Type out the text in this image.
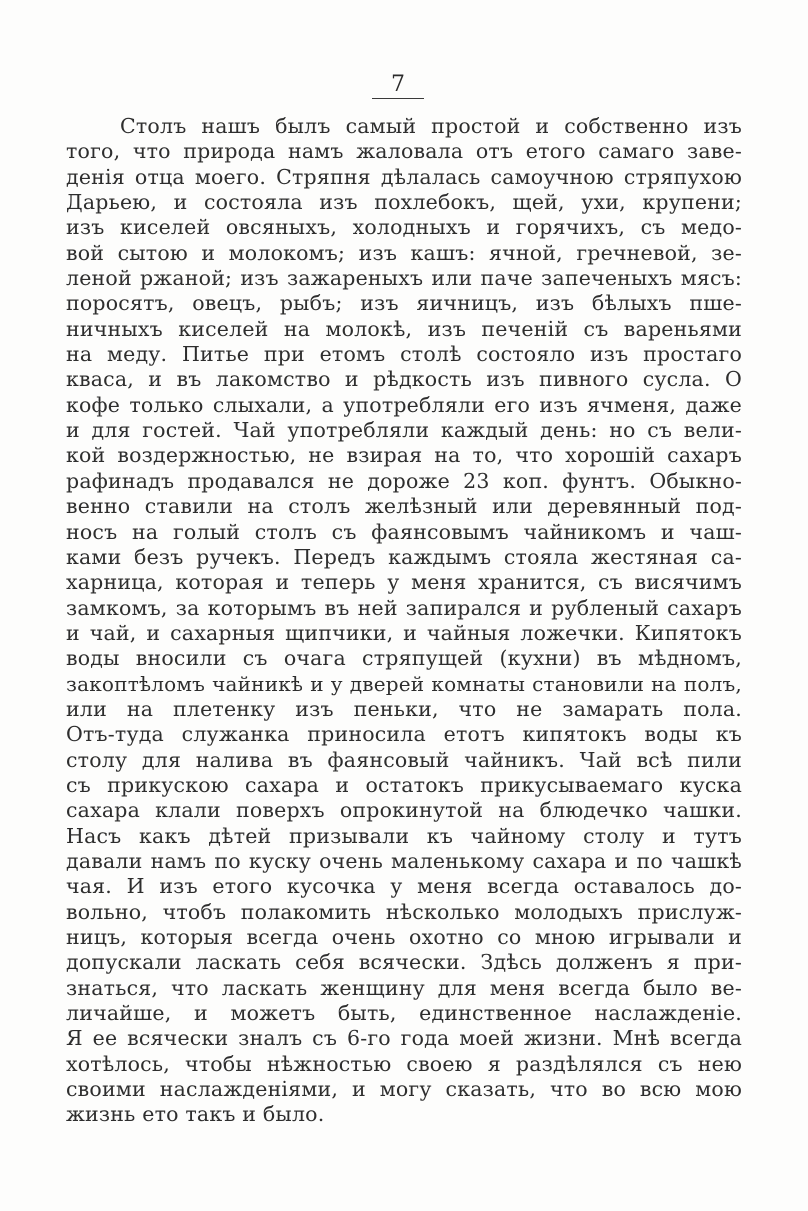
7
Столъ нашъ былъ самый простой и собственно изъ
того, что природа намъ жаловала отъ етого самаго заве-
денія отца моего. Стряпня дѣлалась самоучною стряпухою
Дарьею, и состояла изъ похлебокъ, щей, ухи, крупени;
изъ киселей овсяныхъ, холодныхъ и горячихъ, съ медо-
вой сытою и молокомъ; изъ кашъ: ячной, гречневой, зе-
леной ржаной; изъ зажареныхъ или паче запеченыхъ мясъ:
поросятъ, овецъ, рыбъ; изъ яичницъ, изъ бѣлыхъ пше-
ничныхъ киселей на молокѣ, изъ печеній съ вареньями
на меду. Питье при етомъ столѣ состояло изъ простаго
кваса, и въ лакомство и рѣдкость изъ пивного сусла. О
кофе только слыхали, а употребляли его изъ ячменя, даже
и для гостей. Чай употребляли каждый день: но съ вели-
кой воздержностью, не взирая на то, что хорошій сахаръ
рафинадъ продавался не дороже 23 коп. фунтъ. Обыкно-
венно ставили на столъ желѣзный или деревянный под-
носъ на голый столъ съ фаянсовымъ чайникомъ и чаш-
ками безъ ручекъ. Передъ каждымъ стояла жестяная са-
харница, которая и теперь у меня хранится, съ висячимъ
замкомъ, за которымъ въ ней запирался и рубленый сахаръ
и чай, и сахарныя щипчики, и чайныя ложечки. Кипятокъ
воды вносили съ очага стряпущей (кухни) въ мѣдномъ,
закоптѣломъ чайникѣ и у дверей комнаты становили на полъ,
или на плетенку изъ пеньки, что не замарать пола.
Отъ-туда служанка приносила етотъ кипятокъ воды къ
столу для налива въ фаянсовый чайникъ. Чай всѣ пили
съ прикускою сахара и остатокъ прикусываемаго куска
сахара клали поверхъ опрокинутой на блюдечко чашки.
Насъ какъ дѣтей призывали къ чайному столу и тутъ
давали намъ по куску очень маленькому сахара и по чашкѣ
чая. И изъ етого кусочка у меня всегда оставалось до-
вольно, чтобъ полакомить нѣсколько молодыхъ прислуж-
ницъ, которыя всегда очень охотно со мною игрывали и
допускали ласкать себя всячески. Здѣсь долженъ я при-
знаться, что ласкать женщину для меня всегда было ве-
личайше, и можетъ быть, единственное наслажденіе.
Я ее всячески зналъ съ 6-го года моей жизни. Мнѣ всегда
хотѣлось, чтобы нѣжностью своею я раздѣлялся съ нею
своими наслажденіями, и могу сказать, что во всю мою
жизнь ето такъ и было.
